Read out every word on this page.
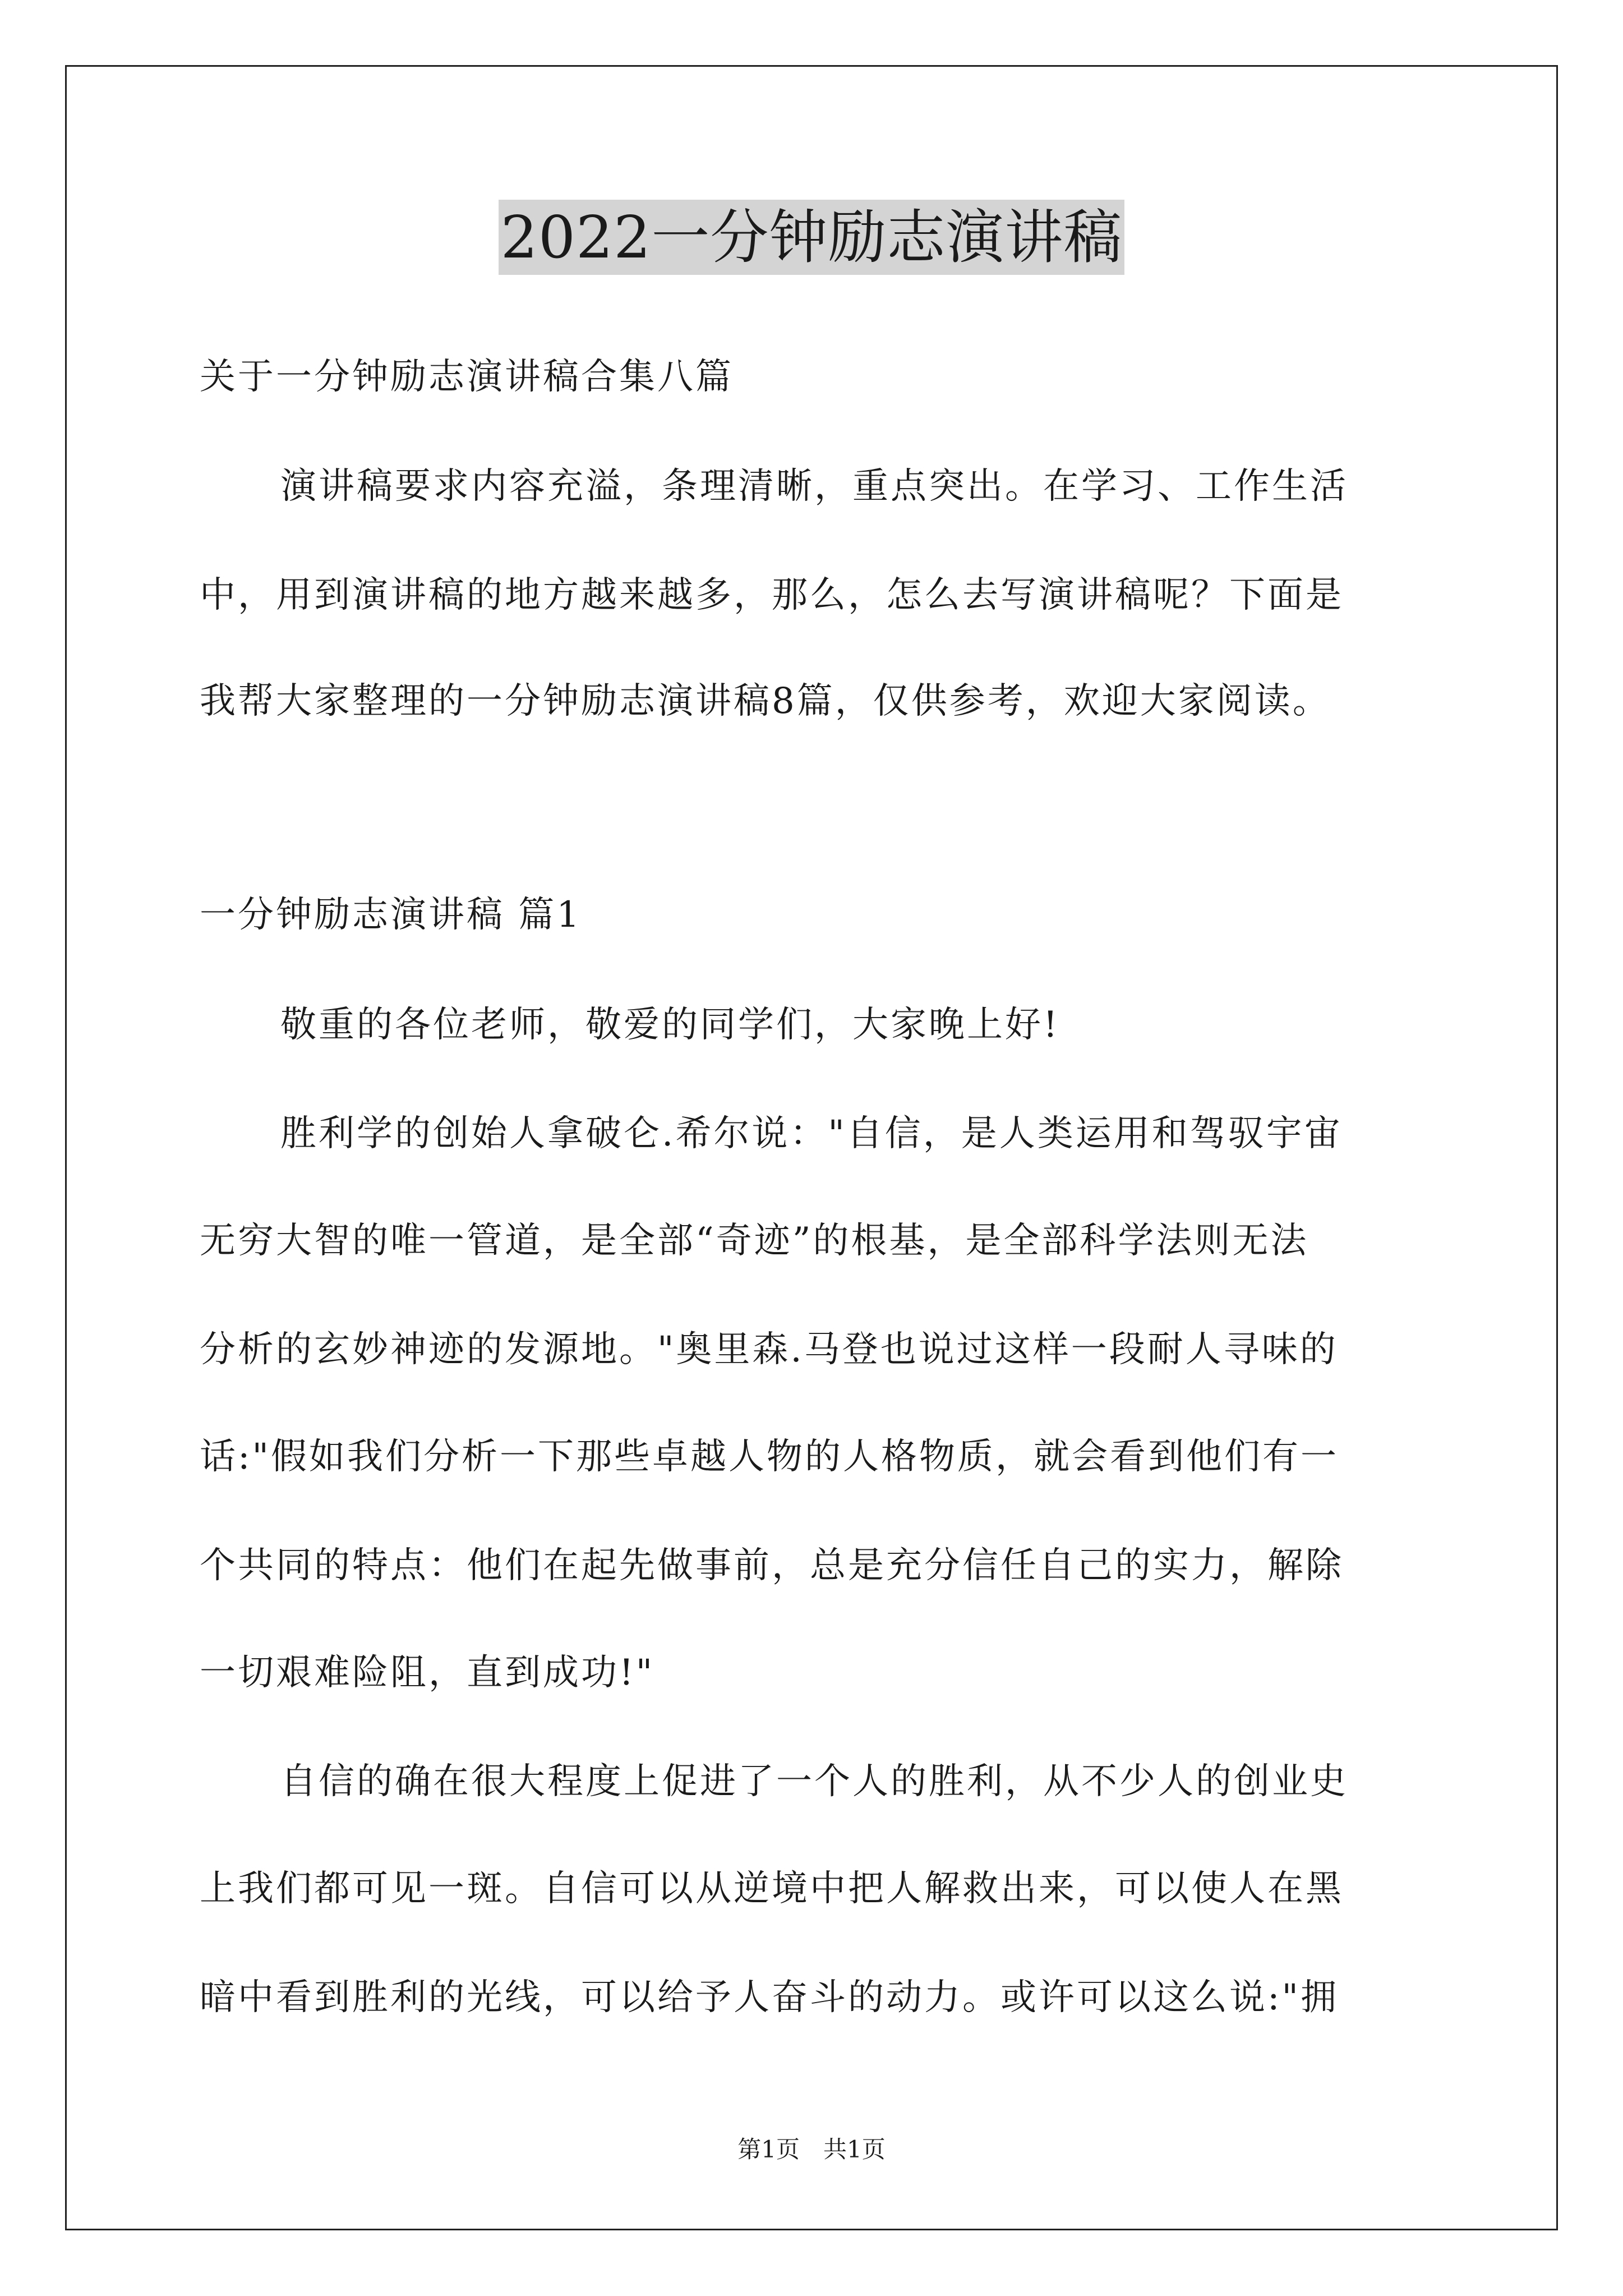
2022一分钟励志演讲稿
关于一分钟励志演讲稿合集八篇
演讲稿要求内容充溢，条理清晰，重点突出。在学习、工作生活
中，用到演讲稿的地方越来越多，那么，怎么去写演讲稿呢？下面是
我帮大家整理的一分钟励志演讲稿8篇，仅供参考，欢迎大家阅读。
一分钟励志演讲稿 篇1
敬重的各位老师，敬爱的同学们，大家晚上好!
胜利学的创始人拿破仑.希尔说："自信，是人类运用和驾驭宇宙
无穷大智的唯一管道，是全部“奇迹”的根基，是全部科学法则无法
分析的玄妙神迹的发源地。"奥里森.马登也说过这样一段耐人寻味的
话:"假如我们分析一下那些卓越人物的人格物质，就会看到他们有一
个共同的特点：他们在起先做事前，总是充分信任自己的实力，解除
一切艰难险阻，直到成功!"
自信的确在很大程度上促进了一个人的胜利，从不少人的创业史
上我们都可见一斑。自信可以从逆境中把人解救出来，可以使人在黑
暗中看到胜利的光线，可以给予人奋斗的动力。或许可以这么说:"拥
第1页　共1页
